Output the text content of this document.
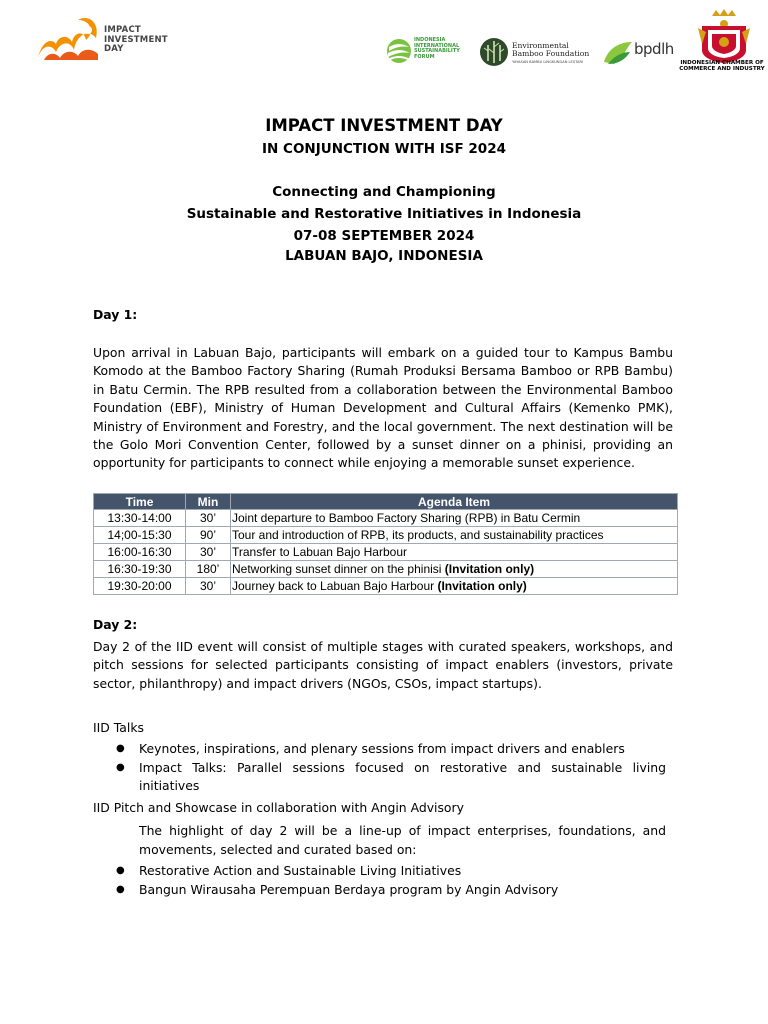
IMPACT
INVESTMENT
DAY
INDONESIA
INTERNATIONAL
SUSTAINABILITY
FORUM
Environmental
Bamboo Foundation
YAYASAN BAMBU LINGKUNGAN LESTARI
bpdlh
INDONESIAN CHAMBER OF
COMMERCE AND INDUSTRY
IMPACT INVESTMENT DAY
IN CONJUNCTION WITH ISF 2024
Connecting and Championing
Sustainable and Restorative Initiatives in Indonesia
07-08 SEPTEMBER 2024
LABUAN BAJO, INDONESIA
Day 1:
Upon arrival in Labuan Bajo, participants will embark on a guided tour to Kampus Bambu Komodo at the Bamboo Factory Sharing (Rumah Produksi Bersama Bamboo or RPB Bambu) in Batu Cermin. The RPB resulted from a collaboration between the Environmental Bamboo Foundation (EBF), Ministry of Human Development and Cultural Affairs (Kemenko PMK), Ministry of Environment and Forestry, and the local government. The next destination will be the Golo Mori Convention Center, followed by a sunset dinner on a phinisi, providing an opportunity for participants to connect while enjoying a memorable sunset experience.
Time	Min	Agenda Item
13:30-14:00	30’	Joint departure to Bamboo Factory Sharing (RPB) in Batu Cermin
14;00-15:30	90’	Tour and introduction of RPB, its products, and sustainability practices
16:00-16:30	30’	Transfer to Labuan Bajo Harbour
16:30-19:30	180’	Networking sunset dinner on the phinisi (Invitation only)
19:30-20:00	30’	Journey back to Labuan Bajo Harbour (Invitation only)
Day 2:
Day 2 of the IID event will consist of multiple stages with curated speakers, workshops, and pitch sessions for selected participants consisting of impact enablers (investors, private sector, philanthropy) and impact drivers (NGOs, CSOs, impact startups).
IID Talks
● Keynotes, inspirations, and plenary sessions from impact drivers and enablers
● Impact Talks: Parallel sessions focused on restorative and sustainable living initiatives
IID Pitch and Showcase in collaboration with Angin Advisory
The highlight of day 2 will be a line-up of impact enterprises, foundations, and movements, selected and curated based on:
● Restorative Action and Sustainable Living Initiatives
● Bangun Wirausaha Perempuan Berdaya program by Angin Advisory
